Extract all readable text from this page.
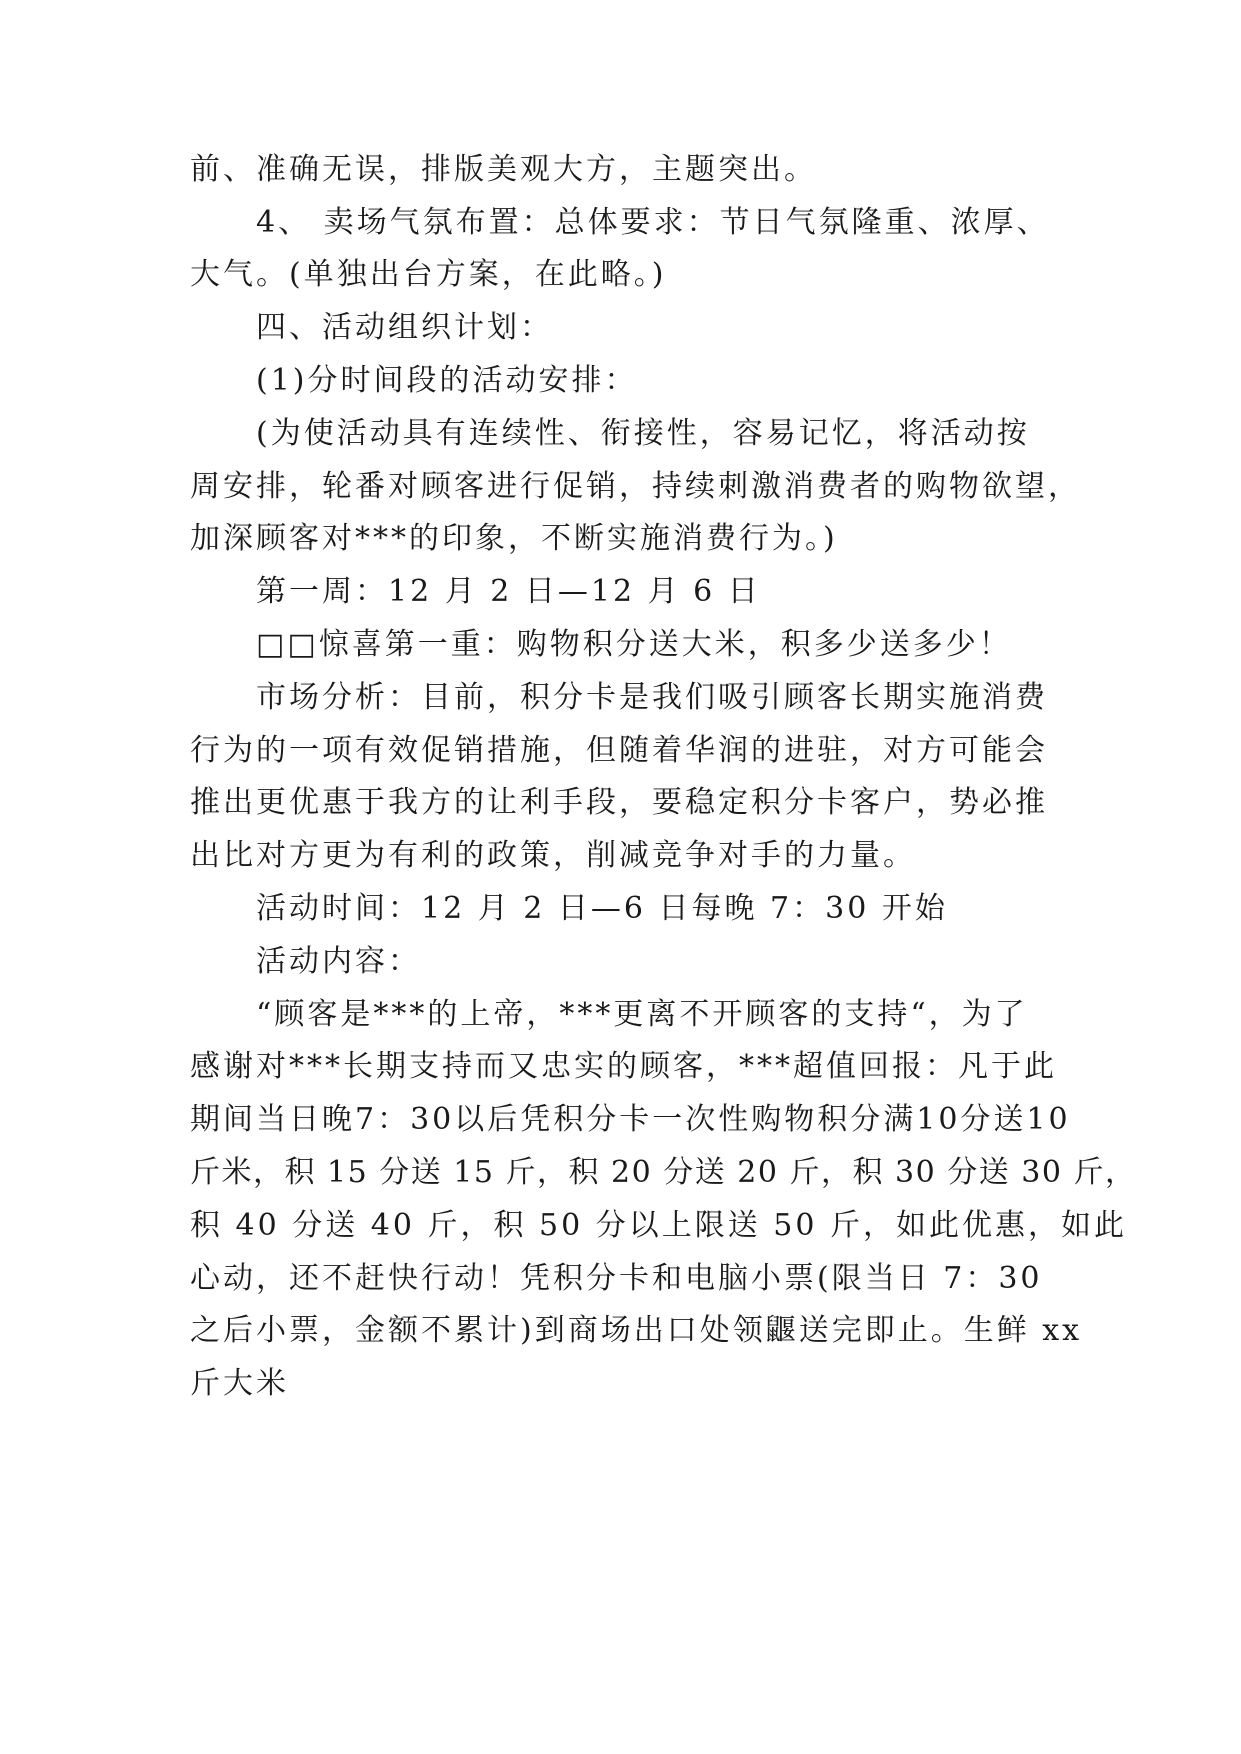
前、准确无误，排版美观大方，主题突出。

4、 卖场气氛布置：总体要求：节日气氛隆重、浓厚、

大气。(单独出台方案，在此略。)

四、活动组织计划：

(1)分时间段的活动安排：

(为使活动具有连续性、衔接性，容易记忆，将活动按

周安排，轮番对顾客进行促销，持续刺激消费者的购物欲望，

加深顾客对***的印象，不断实施消费行为。)

第一周：12 月 2 日—12 月 6 日

□□惊喜第一重：购物积分送大米，积多少送多少！

市场分析：目前，积分卡是我们吸引顾客长期实施消费

行为的一项有效促销措施，但随着华润的进驻，对方可能会

推出更优惠于我方的让利手段，要稳定积分卡客户，势必推

出比对方更为有利的政策，削减竞争对手的力量。

活动时间：12 月 2 日—6 日每晚 7：30 开始

活动内容：

“顾客是***的上帝，***更离不开顾客的支持“，为了

感谢对***长期支持而又忠实的顾客，***超值回报：凡于此

期间当日晚7：30以后凭积分卡一次性购物积分满10分送10

斤米，积 15 分送 15 斤，积 20 分送 20 斤，积 30 分送 30 斤，

积 40 分送 40 斤，积 50 分以上限送 50 斤，如此优惠，如此

心动，还不赶快行动！凭积分卡和电脑小票(限当日 7：30

之后小票，金额不累计)到商场出口处领鼴送完即止。生鲜 xx

斤大米
